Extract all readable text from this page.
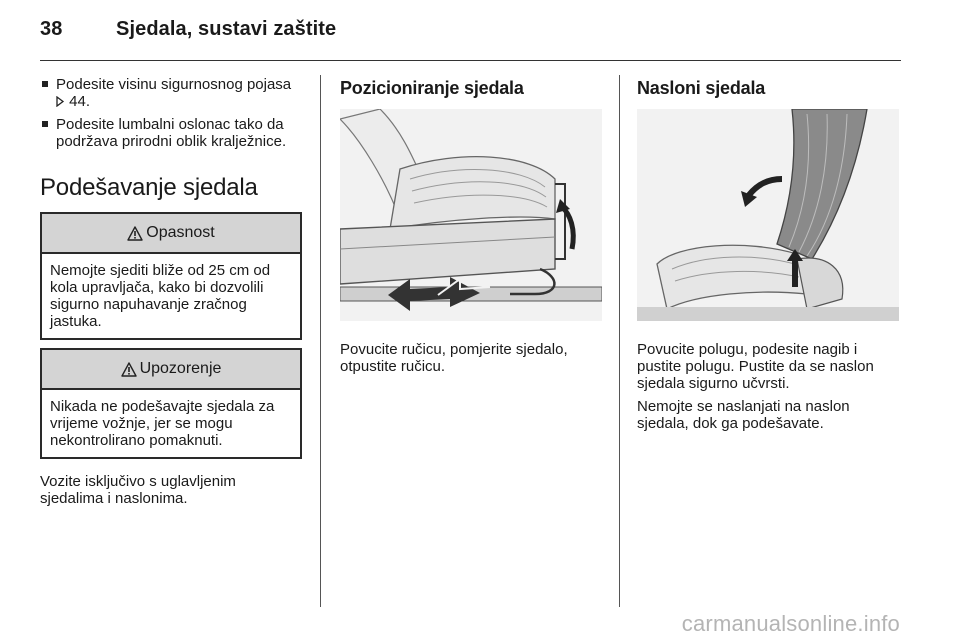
38	Sjedala, sustavi zaštite
Podesite visinu sigurnosnog pojasa
44.
Podesite lumbalni oslonac tako da podržava prirodni oblik kralježnice.
Podešavanje sjedala
Opasnost
Nemojte sjediti bliže od 25 cm od kola upravljača, kako bi dozvolili sigurno napuhavanje zračnog jastuka.
Upozorenje
Nikada ne podešavajte sjedala za vrijeme vožnje, jer se mogu nekontrolirano pomaknuti.

Vozite isključivo s uglavljenim sjedalima i naslonima.

Pozicioniranje sjedala

Povucite ručicu, pomjerite sjedalo, otpustite ručicu.

Nasloni sjedala

Povucite polugu, podesite nagib i pustite polugu. Pustite da se naslon sjedala sigurno učvrsti.

Nemojte se naslanjati na naslon sjedala, dok ga podešavate.

carmanualsonline.info
